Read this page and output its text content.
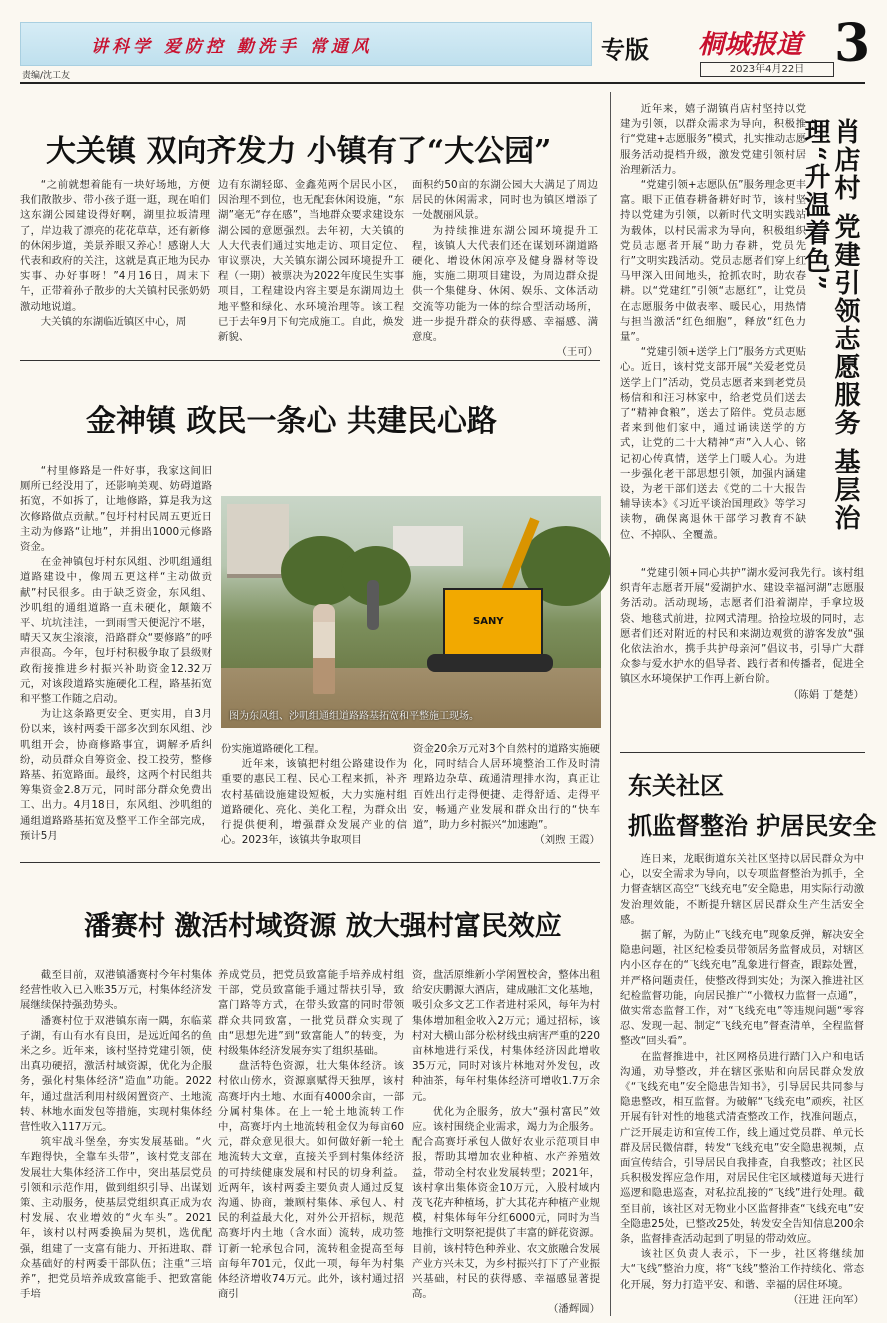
讲科学 爱防控 勤洗手 常通风	专版 桐城报道 3
2023年4月22日
责编/沈工友
大关镇 双向齐发力 小镇有了“大公园”

“之前就想着能有一块好场地，方便我们散散步、带小孩子逛一逛，现在咱们这东湖公园建设得好啊，湖里拉坂清理了，岸边栽了漂亮的花花草草，还有新修的休闲步道，美景养眼又养心！感谢人大代表和政府的关注，这就是真正地为民办实事、办好事呀！”4月16日，周末下午，正带着孙子散步的大关镇村民张奶奶激动地说道。

大关镇的东湖临近镇区中心，周

边有东湖轻邸、金鑫苑两个居民小区，因治理不到位，也无配套休闲设施，“东湖”毫无“存在感”，当地群众要求建设东湖公园的意愿强烈。去年初，大关镇的人大代表们通过实地走访、项目定位、审议票决，大关镇东湖公园环境提升工程（一期）被票决为2022年度民生实事项目，工程建设内容主要是东湖周边土地平整和绿化、水环境治理等。该工程已于去年9月下旬完成施工。自此，焕发新貌、

面积约50亩的东湖公园大大满足了周边居民的休闲需求，同时也为镇区增添了一处靓丽风景。

为持续推进东湖公园环境提升工程，该镇人大代表们还在谋划环湖道路硬化、增设休闲凉亭及健身器材等设施，实施二期项目建设，为周边群众提供一个集健身、休闲、娱乐、文体活动交流等功能为一体的综合型活动场所，进一步提升群众的获得感、幸福感、满意度。

（王可）

金神镇 政民一条心 共建民心路

“村里修路是一件好事，我家这间旧厕所已经没用了，还影响美观、妨碍道路拓宽，不如拆了，让地修路，算是我为这次修路做点贡献。”包圩村村民周五更近日主动为修路“让地”，并捐出1000元修路资金。

在金神镇包圩村东风组、沙叽组通组道路建设中，像周五更这样“主动做贡献”村民很多。由于缺乏资金，东风组、沙叽组的通组道路一直未硬化，颠簸不平、坑坑洼洼，一到雨雪天便泥泞不堪，晴天又灰尘滚滚，沿路群众“要修路”的呼声很高。今年，包圩村积极争取了县级财政衔接推进乡村振兴补助资金12.32万元，对该段道路实施硬化工程，路基拓宽和平整工作随之启动。

为让这条路更安全、更实用，自3月份以来，该村两委干部多次到东风组、沙叽组开会，协商修路事宜，调解矛盾纠纷，动员群众自筹资金、投工投劳，整修路基、拓宽路面。最终，这两个村民组共筹集资金2.8万元，同时部分群众免费出工、出力。4月18日，东风组、沙叽组的通组道路路基拓宽及整平工作全部完成，预计5月

SANY
图为东风组、沙叽组通组道路路基拓宽和平整施工现场。

份实施道路硬化工程。

近年来，该镇把村组公路建设作为重要的惠民工程、民心工程来抓，补齐农村基础设施建设短板，大力实施村组道路硬化、亮化、美化工程，为群众出行提供便利，增强群众发展产业的信心。2023年，该镇共争取项目

资金20余万元对3个自然村的道路实施硬化，同时结合人居环境整治工作及时清理路边杂草、疏通清理排水沟，真正让百姓出行走得便捷、走得舒适、走得平安，畅通产业发展和群众出行的“快车道”，助力乡村振兴“加速跑”。

（刘煦 王霞）

潘赛村 激活村域资源 放大强村富民效应

截至目前，双港镇潘赛村今年村集体经营性收入已入账35万元，村集体经济发展继续保持强劲势头。

潘赛村位于双港镇东南一隅，东临菜子湖，有山有水有良田，是远近闻名的鱼米之乡。近年来，该村坚持党建引领，使出真功硬招，激活村域资源，优化为企服务，强化村集体经济“造血”功能。2022年，通过盘活利用村级闲置资产、土地流转、林地水面发包等措施，实现村集体经营性收入117万元。

筑牢战斗堡垒，夯实发展基础。“火车跑得快，全靠车头带”，该村党支部在发展壮大集体经济工作中，突出基层党员引领和示范作用，做到组织引导、出谋划策、主动服务，使基层党组织真正成为农村发展、农业增效的“火车头”。2021年，该村以村两委换届为契机，选优配强，组建了一支富有能力、开拓进取、群众基础好的村两委干部队伍；注重“三培养”，把党员培养成致富能手、把致富能手培

养成党员，把党员致富能手培养成村组干部，党员致富能手通过帮扶引导，致富门路等方式，在带头致富的同时带领群众共同致富，一批党员群众实现了由“思想先进”到“致富能人”的转变，为村级集体经济发展夯实了组织基础。

盘活特色资源，壮大集体经济。该村依山傍水，资源禀赋得天独厚，该村高赛圩内土地、水面有4000余亩，一部分属村集体。在上一轮土地流转工作中，高赛圩内土地流转租金仅为每亩60元，群众意见很大。如何做好新一轮土地流转大文章，直接关乎到村集体经济的可持续健康发展和村民的切身利益。近两年，该村两委主要负责人通过反复沟通、协商，兼顾村集体、承包人、村民的利益最大化，对外公开招标，规范高赛圩内土地（含水面）流转，成功签订新一轮承包合同，流转租金提高至每亩每年701元，仅此一项，每年为村集体经济增收74万元。此外，该村通过招商引

资，盘活原维新小学闲置校舍，整体出租给安庆鹏源大酒店，建成融汇文化基地，吸引众多文艺工作者进村采风，每年为村集体增加租金收入2万元；通过招标，该村对大横山部分松材线虫病害严重的220亩林地进行采伐，村集体经济因此增收35万元，同时对该片林地对外发包，改种油茶，每年村集体经济可增收1.7万余元。

优化为企服务，放大“强村富民”效应。该村围绕企业需求，竭力为企服务。配合高赛圩承包人做好农业示范项目申报，帮助其增加农业种植、水产养殖效益，带动全村农业发展转型；2021年，该村拿出集体资金10万元，入股村域内茂飞花卉种植场，扩大其花卉种植产业规模，村集体每年分红6000元，同时为当地推行文明祭祀提供了丰富的鲜花资源。目前，该村特色种养业、农文旅融合发展产业方兴未艾，为乡村振兴打下了产业振兴基础，村民的获得感、幸福感显著提高。

（潘辉圆）

肖店村 党建引领志愿服务 基层治理“升温着色”

近年来，嬉子湖镇肖店村坚持以党建为引领，以群众需求为导向，积极推行“党建+志愿服务”模式，扎实推动志愿服务活动提档升级，激发党建引领村居治理新活力。

“党建引领+志愿队伍”服务理念更丰富。眼下正值春耕备耕好时节，该村坚持以党建为引领，以新时代文明实践站为载体，以村民需求为导向，积极组织党员志愿者开展“助力春耕，党员先行”文明实践活动。党员志愿者们穿上红马甲深入田间地头，抢抓农时，助农春耕。以“党建红”引领“志愿红”，让党员在志愿服务中做表率、暖民心，用热情与担当激活“红色细胞”，释放“红色力量”。

“党建引领+送学上门”服务方式更贴心。近日，该村党支部开展“关爱老党员送学上门”活动，党员志愿者来到老党员杨信和和汪习林家中，给老党员们送去了“精神食粮”，送去了陪伴。党员志愿者来到他们家中，通过诵读送学的方式，让党的二十大精神“声”入人心、铭记初心传真情，送学上门暖人心。为进一步强化老干部思想引领，加强内涵建设，为老干部们送去《党的二十大报告辅导读本》《习近平谈治国理政》等学习读物，确保离退休干部学习教育不缺位、不掉队、全覆盖。

“党建引领+同心共护”湖水爱河我先行。该村组织青年志愿者开展“爱湖护水、建设幸福河湖”志愿服务活动。活动现场，志愿者们沿着湖岸，手拿垃圾袋、地毯式前进，拉网式清理。拾捡垃圾的同时，志愿者们还对附近的村民和来湖边观赏的游客发放“强化依法治水，携手共护母亲河”倡议书，引导广大群众参与爱水护水的倡导者、践行者和传播者，促进全镇区水环境保护工作再上新台阶。

（陈娟 丁楚楚）

东关社区
抓监督整治 护居民安全

连日来，龙眠街道东关社区坚持以居民群众为中心，以安全需求为导向，以专项监督整治为抓手，全力督查辖区高空“飞线充电”安全隐患，用实际行动激发治理效能，不断提升辖区居民群众生产生活安全感。

据了解，为防止“飞线充电”现象反弹，解决安全隐患问题，社区纪检委员带领居务监督成员，对辖区内小区存在的“飞线充电”乱象进行督查，跟踪处置，并严格问题责任，使整改得到实处；为深入推进社区纪检监督功能，向居民推广“小微权力监督一点通”，做实常态监督工作，对“飞线充电”等违规问题“零容忍、发现一起、制定“飞线充电”督查清单，全程监督整改“回头看”。

在监督推进中，社区网格员进行踏门入户和电话沟通，劝导整改，并在辖区张贴和向居民群众发放《“飞线充电”安全隐患告知书》，引导居民共同参与隐患整改，相互监督。为破解“飞线充电”顽疾，社区开展有针对性的地毯式清查整改工作，找准问题点，广泛开展走访和宣传工作，线上通过党员群、单元长群及居民微信群，转发“飞线充电”安全隐患视频，点面宣传结合，引导居民自我排查，自我整改；社区民兵积极发挥应急作用，对居民住宅区域楼道每天进行巡逻和隐患巡查，对私拉乱接的“飞线”进行处理。截至目前，该社区对无物业小区监督排查“飞线充电”安全隐患25处，已整改25处，转发安全告知信息200余条，监督排查活动起到了明显的带动效应。

该社区负责人表示，下一步，社区将继续加大“飞线”整治力度，将“飞线”整治工作持续化、常态化开展，努力打造平安、和谐、幸福的居住环境。

（汪进 汪向军）
